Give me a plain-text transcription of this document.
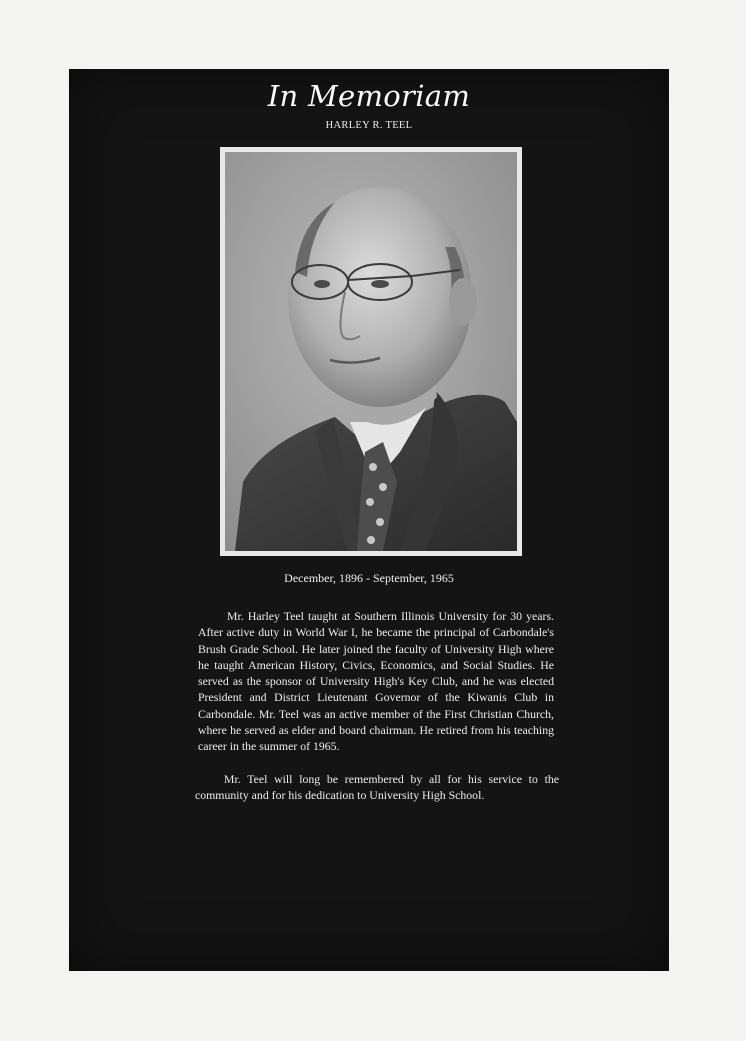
In Memoriam
HARLEY R. TEEL
December, 1896 - September, 1965

Mr. Harley Teel taught at Southern Illinois University for 30 years. After active duty in World War I, he became the principal of Carbondale's Brush Grade School. He later joined the faculty of University High where he taught American History, Civics, Economics, and Social Studies. He served as the sponsor of University High's Key Club, and he was elected President and District Lieutenant Governor of the Kiwanis Club in Carbondale. Mr. Teel was an active member of the First Christian Church, where he served as elder and board chairman. He retired from his teaching career in the summer of 1965.

Mr. Teel will long be remembered by all for his service to the community and for his dedication to University High School.
